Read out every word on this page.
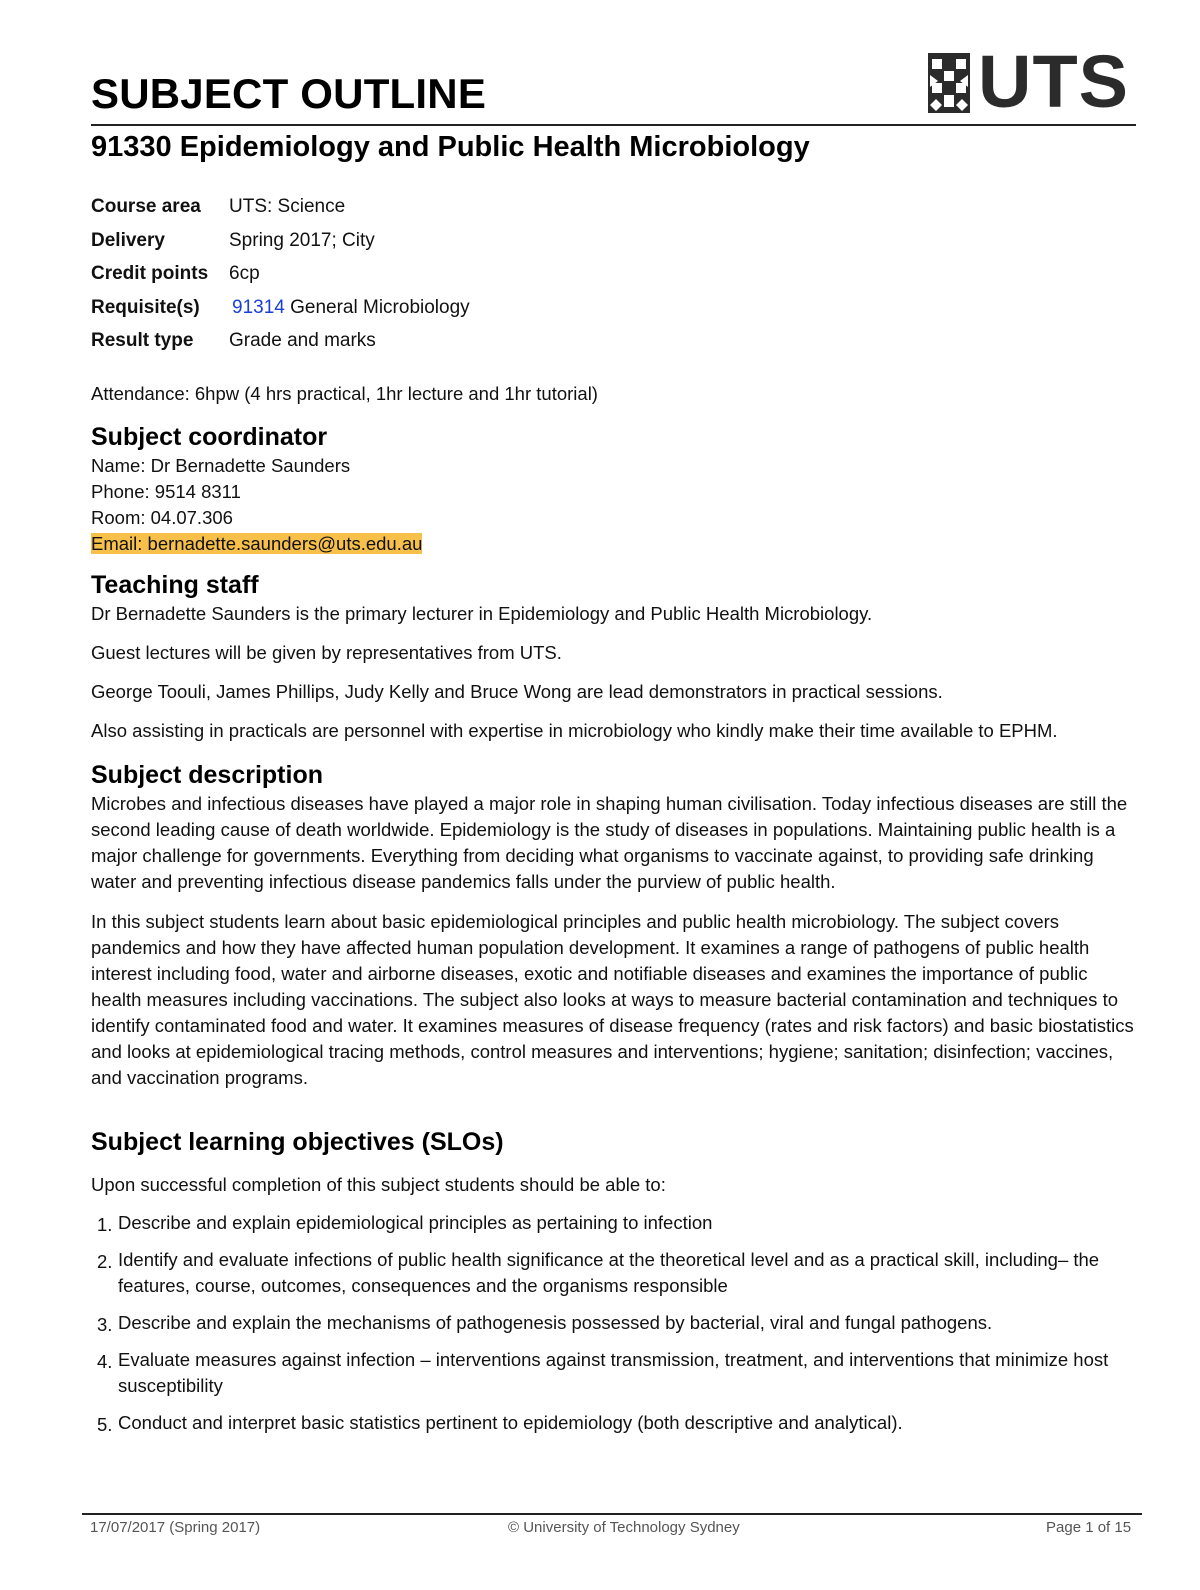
SUBJECT OUTLINE	UTS
91330 Epidemiology and Public Health Microbiology
Course area UTS: Science
Delivery	Spring 2017; City
Credit points 6cp
Requisite(s) 91314 General Microbiology
Result type Grade and marks

Attendance: 6hpw (4 hrs practical, 1hr lecture and 1hr tutorial)

Subject coordinator
Name: Dr Bernadette Saunders
Phone: 9514 8311
Room: 04.07.306
Email: bernadette.saunders@uts.edu.au
Teaching staff

Dr Bernadette Saunders is the primary lecturer in Epidemiology and Public Health Microbiology.

Guest lectures will be given by representatives from UTS.

George Toouli, James Phillips, Judy Kelly and Bruce Wong are lead demonstrators in practical sessions.

Also assisting in practicals are personnel with expertise in microbiology who kindly make their time available to EPHM.

Subject description

Microbes and infectious diseases have played a major role in shaping human civilisation. Today infectious diseases are still the second leading cause of death worldwide. Epidemiology is the study of diseases in populations. Maintaining public health is a major challenge for governments. Everything from deciding what organisms to vaccinate against, to providing safe drinking water and preventing infectious disease pandemics falls under the purview of public health.

In this subject students learn about basic epidemiological principles and public health microbiology. The subject covers pandemics and how they have affected human population development. It examines a range of pathogens of public health interest including food, water and airborne diseases, exotic and notifiable diseases and examines the importance of public health measures including vaccinations. The subject also looks at ways to measure bacterial contamination and techniques to identify contaminated food and water. It examines measures of disease frequency (rates and risk factors) and basic biostatistics and looks at epidemiological tracing methods, control measures and interventions; hygiene; sanitation; disinfection; vaccines, and vaccination programs.

Subject learning objectives (SLOs)

Upon successful completion of this subject students should be able to:

1. Describe and explain epidemiological principles as pertaining to infection
2. Identify and evaluate infections of public health significance at the theoretical level and as a practical skill, including– the features, course, outcomes, consequences and the organisms responsible
3. Describe and explain the mechanisms of pathogenesis possessed by bacterial, viral and fungal pathogens.
4. Evaluate measures against infection – interventions against transmission, treatment, and interventions that minimize host susceptibility
5. Conduct and interpret basic statistics pertinent to epidemiology (both descriptive and analytical).
17/07/2017 (Spring 2017)	© University of Technology Sydney	Page 1 of 15
